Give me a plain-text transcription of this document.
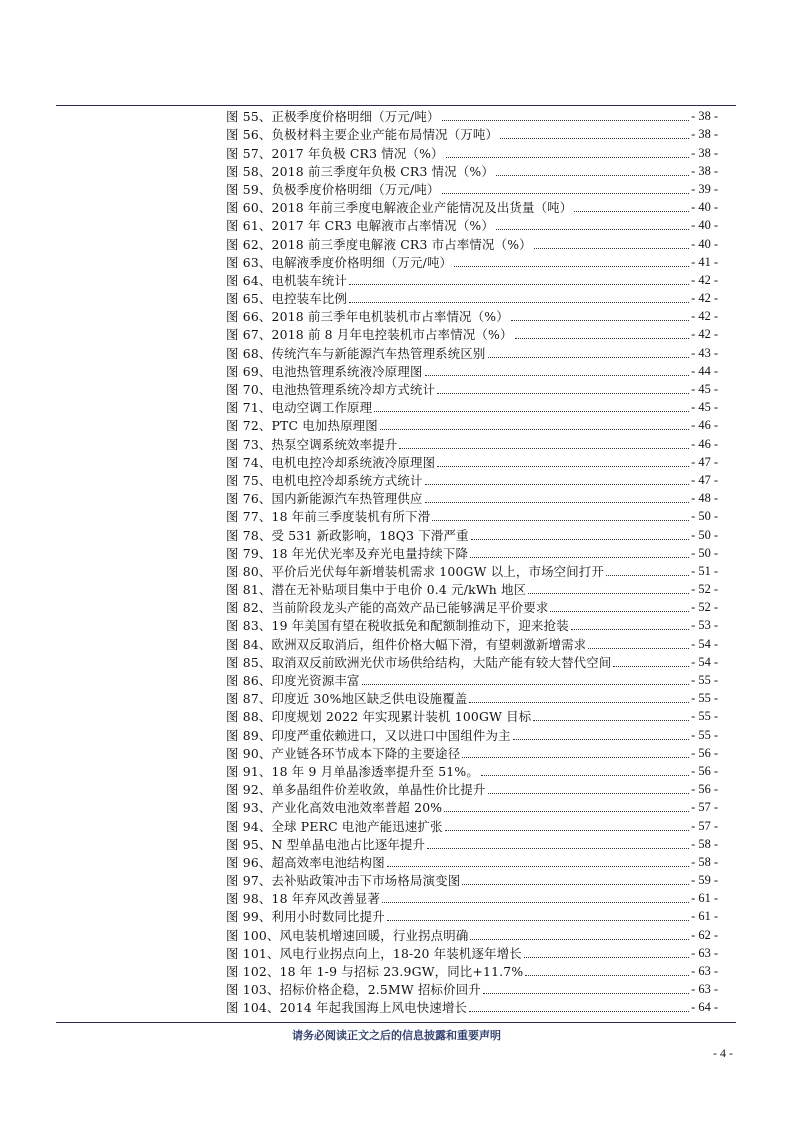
图 55、正极季度价格明细（万元/吨）	- 38 -
图 56、负极材料主要企业产能布局情况（万吨）	- 38 -
图 57、2017 年负极 CR3 情况（%）	- 38 -
图 58、2018 前三季度年负极 CR3 情况（%）	- 38 -
图 59、负极季度价格明细（万元/吨）	- 39 -
图 60、2018 年前三季度电解液企业产能情况及出货量（吨）	- 40 -
图 61、2017 年 CR3 电解液市占率情况（%）	- 40 -
图 62、2018 前三季度电解液 CR3 市占率情况（%）	- 40 -
图 63、电解液季度价格明细（万元/吨）	- 41 -
图 64、电机装车统计	- 42 -
图 65、电控装车比例	- 42 -
图 66、2018 前三季年电机装机市占率情况（%）	- 42 -
图 67、2018 前 8 月年电控装机市占率情况（%）	- 42 -
图 68、传统汽车与新能源汽车热管理系统区别	- 43 -
图 69、电池热管理系统液冷原理图	- 44 -
图 70、电池热管理系统冷却方式统计	- 45 -
图 71、电动空调工作原理	- 45 -
图 72、PTC 电加热原理图	- 46 -
图 73、热泵空调系统效率提升	- 46 -
图 74、电机电控冷却系统液冷原理图	- 47 -
图 75、电机电控冷却系统方式统计	- 47 -
图 76、国内新能源汽车热管理供应	- 48 -
图 77、18 年前三季度装机有所下滑	- 50 -
图 78、受 531 新政影响，18Q3 下滑严重	- 50 -
图 79、18 年光伏光率及弃光电量持续下降	- 50 -
图 80、平价后光伏每年新增装机需求 100GW 以上，市场空间打开	- 51 -
图 81、潜在无补贴项目集中于电价 0.4 元/kWh 地区	- 52 -
图 82、当前阶段龙头产能的高效产品已能够满足平价要求	- 52 -
图 83、19 年美国有望在税收抵免和配额制推动下，迎来抢装	- 53 -
图 84、欧洲双反取消后，组件价格大幅下滑，有望刺激新增需求	- 54 -
图 85、取消双反前欧洲光伏市场供给结构，大陆产能有较大替代空间	- 54 -
图 86、印度光资源丰富	- 55 -
图 87、印度近 30%地区缺乏供电设施覆盖	- 55 -
图 88、印度规划 2022 年实现累计装机 100GW 目标	- 55 -
图 89、印度严重依赖进口，又以进口中国组件为主	- 55 -
图 90、产业链各环节成本下降的主要途径	- 56 -
图 91、18 年 9 月单晶渗透率提升至 51%。	- 56 -
图 92、单多晶组件价差收敛，单晶性价比提升	- 56 -
图 93、产业化高效电池效率普超 20%	- 57 -
图 94、全球 PERC 电池产能迅速扩张	- 57 -
图 95、N 型单晶电池占比逐年提升	- 58 -
图 96、超高效率电池结构图	- 58 -
图 97、去补贴政策冲击下市场格局演变图	- 59 -
图 98、18 年弃风改善显著	- 61 -
图 99、利用小时数同比提升	- 61 -
图 100、风电装机增速回暖，行业拐点明确	- 62 -
图 101、风电行业拐点向上，18-20 年装机逐年增长	- 63 -
图 102、18 年 1-9 与招标 23.9GW，同比+11.7%	- 63 -
图 103、招标价格企稳，2.5MW 招标价回升	- 63 -
图 104、2014 年起我国海上风电快速增长	- 64 -
请务必阅读正文之后的信息披露和重要声明
- 4 -
